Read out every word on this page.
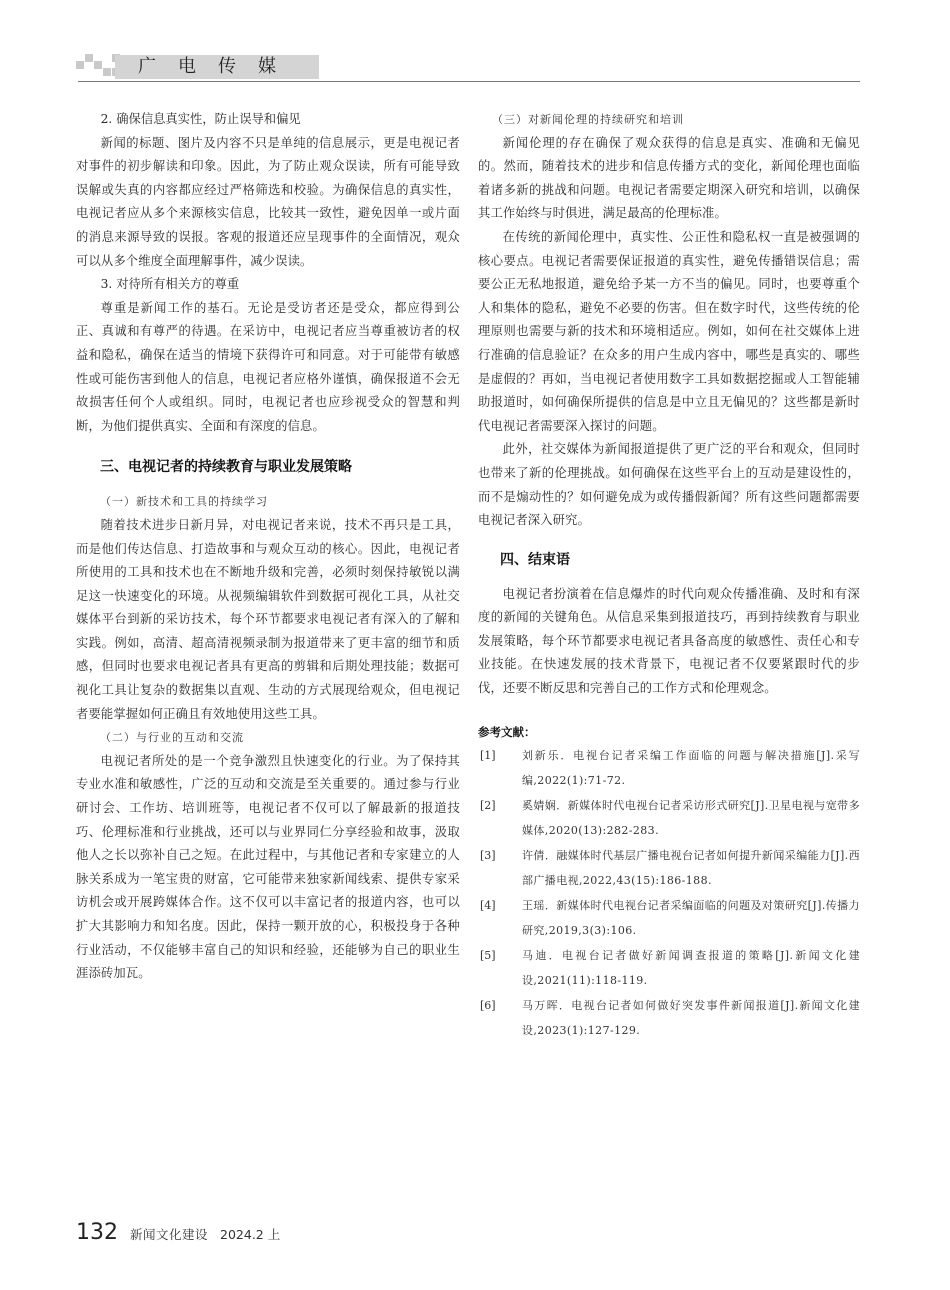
广电传媒

2. 确保信息真实性，防止误导和偏见

新闻的标题、图片及内容不只是单纯的信息展示，更是电视记者对事件的初步解读和印象。因此，为了防止观众误读，所有可能导致误解或失真的内容都应经过严格筛选和校验。为确保信息的真实性，电视记者应从多个来源核实信息，比较其一致性，避免因单一或片面的消息来源导致的误报。客观的报道还应呈现事件的全面情况，观众可以从多个维度全面理解事件，减少误读。

3. 对待所有相关方的尊重

尊重是新闻工作的基石。无论是受访者还是受众，都应得到公正、真诚和有尊严的待遇。在采访中，电视记者应当尊重被访者的权益和隐私，确保在适当的情境下获得许可和同意。对于可能带有敏感性或可能伤害到他人的信息，电视记者应格外谨慎，确保报道不会无故损害任何个人或组织。同时，电视记者也应珍视受众的智慧和判断，为他们提供真实、全面和有深度的信息。

三、电视记者的持续教育与职业发展策略

（一）新技术和工具的持续学习

随着技术进步日新月异，对电视记者来说，技术不再只是工具，而是他们传达信息、打造故事和与观众互动的核心。因此，电视记者所使用的工具和技术也在不断地升级和完善，必须时刻保持敏锐以满足这一快速变化的环境。从视频编辑软件到数据可视化工具，从社交媒体平台到新的采访技术，每个环节都要求电视记者有深入的了解和实践。例如，高清、超高清视频录制为报道带来了更丰富的细节和质感，但同时也要求电视记者具有更高的剪辑和后期处理技能；数据可视化工具让复杂的数据集以直观、生动的方式展现给观众，但电视记者要能掌握如何正确且有效地使用这些工具。

（二）与行业的互动和交流

电视记者所处的是一个竞争激烈且快速变化的行业。为了保持其专业水准和敏感性，广泛的互动和交流是至关重要的。通过参与行业研讨会、工作坊、培训班等，电视记者不仅可以了解最新的报道技巧、伦理标准和行业挑战，还可以与业界同仁分享经验和故事，汲取他人之长以弥补自己之短。在此过程中，与其他记者和专家建立的人脉关系成为一笔宝贵的财富，它可能带来独家新闻线索、提供专家采访机会或开展跨媒体合作。这不仅可以丰富记者的报道内容，也可以扩大其影响力和知名度。因此，保持一颗开放的心，积极投身于各种行业活动，不仅能够丰富自己的知识和经验，还能够为自己的职业生涯添砖加瓦。

（三）对新闻伦理的持续研究和培训

新闻伦理的存在确保了观众获得的信息是真实、准确和无偏见的。然而，随着技术的进步和信息传播方式的变化，新闻伦理也面临着诸多新的挑战和问题。电视记者需要定期深入研究和培训，以确保其工作始终与时俱进，满足最高的伦理标准。

在传统的新闻伦理中，真实性、公正性和隐私权一直是被强调的核心要点。电视记者需要保证报道的真实性，避免传播错误信息；需要公正无私地报道，避免给予某一方不当的偏见。同时，也要尊重个人和集体的隐私，避免不必要的伤害。但在数字时代，这些传统的伦理原则也需要与新的技术和环境相适应。例如，如何在社交媒体上进行准确的信息验证？在众多的用户生成内容中，哪些是真实的、哪些是虚假的？再如，当电视记者使用数字工具如数据挖掘或人工智能辅助报道时，如何确保所提供的信息是中立且无偏见的？这些都是新时代电视记者需要深入探讨的问题。

此外，社交媒体为新闻报道提供了更广泛的平台和观众，但同时也带来了新的伦理挑战。如何确保在这些平台上的互动是建设性的，而不是煽动性的？如何避免成为或传播假新闻？所有这些问题都需要电视记者深入研究。

四、结束语

电视记者扮演着在信息爆炸的时代向观众传播准确、及时和有深度的新闻的关键角色。从信息采集到报道技巧，再到持续教育与职业发展策略，每个环节都要求电视记者具备高度的敏感性、责任心和专业技能。在快速发展的技术背景下，电视记者不仅要紧跟时代的步伐，还要不断反思和完善自己的工作方式和伦理观念。

参考文献：

[1]	刘新乐．电视台记者采编工作面临的问题与解决措施[J].采写编,2022(1):71-72.
[2]	奚婧娴．新媒体时代电视台记者采访形式研究[J].卫星电视与宽带多媒体,2020(13):282-283.
[3]	许倩．融媒体时代基层广播电视台记者如何提升新闻采编能力[J].西部广播电视,2022,43(15):186-188.
[4]	王瑶．新媒体时代电视台记者采编面临的问题及对策研究[J].传播力研究,2019,3(3):106.
[5]	马迪．电视台记者做好新闻调查报道的策略[J].新闻文化建设,2021(11):118-119.
[6]	马万晖．电视台记者如何做好突发事件新闻报道[J].新闻文化建设,2023(1):127-129.
132 新闻文化建设 2024.2 上
